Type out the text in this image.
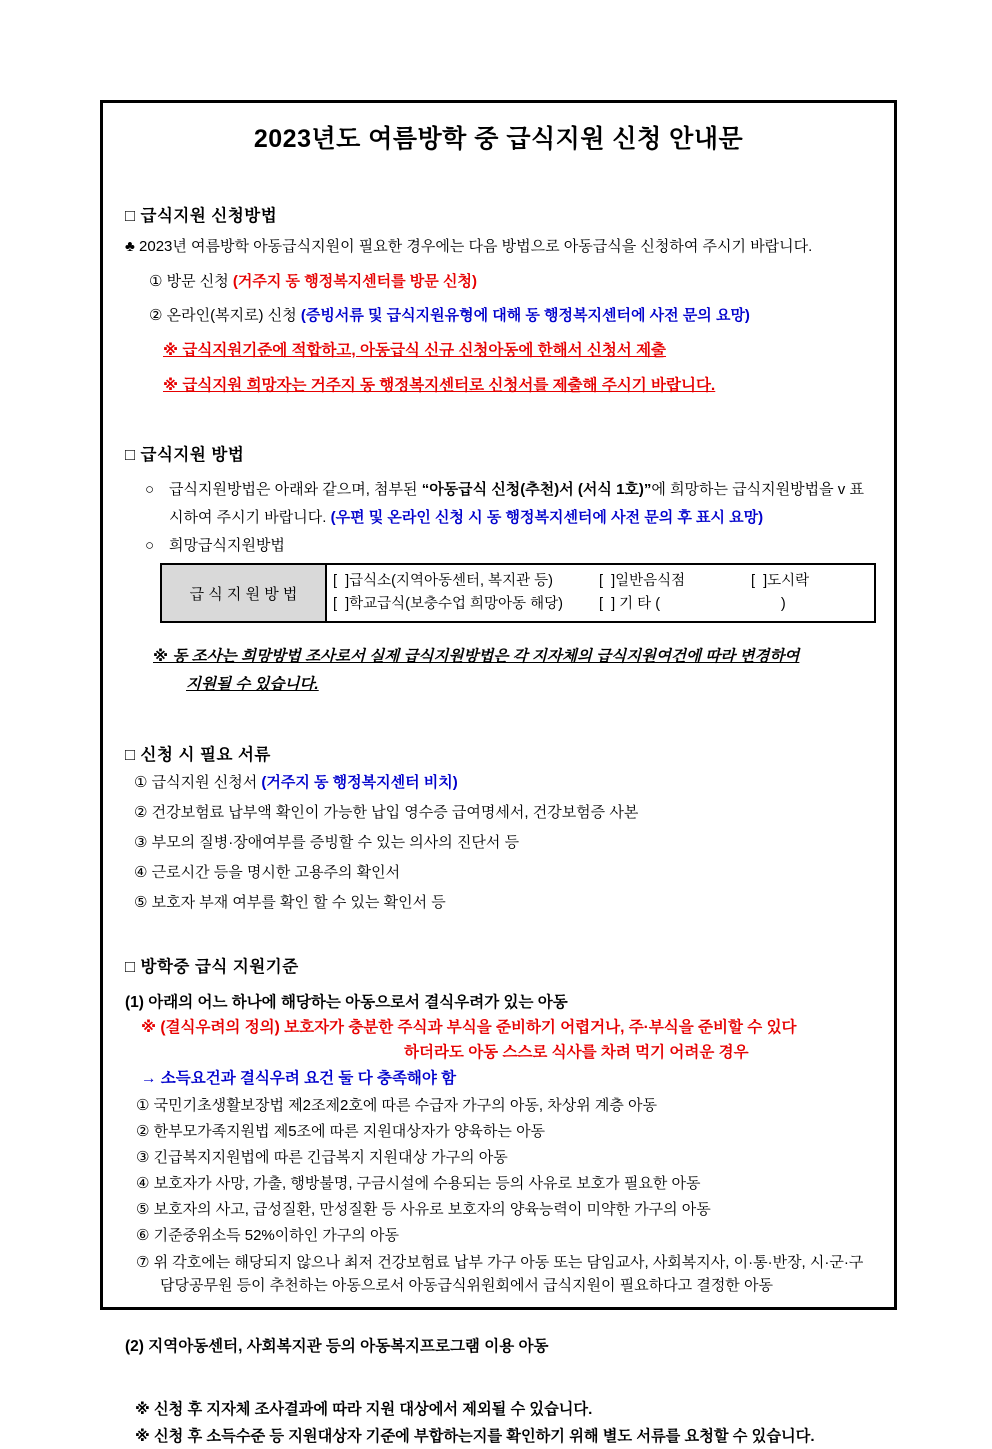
2023년도 여름방학 중 급식지원 신청 안내문
□ 급식지원 신청방법
♣ 2023년 여름방학 아동급식지원이 필요한 경우에는 다음 방법으로 아동급식을 신청하여 주시기 바랍니다.
① 방문 신청 (거주지 동 행정복지센터를 방문 신청)
② 온라인(복지로) 신청 (증빙서류 및 급식지원유형에 대해 동 행정복지센터에 사전 문의 요망)
※ 급식지원기준에 적합하고, 아동급식 신규 신청아동에 한해서 신청서 제출
※ 급식지원 희망자는 거주지 동 행정복지센터로 신청서를 제출해 주시기 바랍니다.
□ 급식지원 방법
○ 급식지원방법은 아래와 같으며, 첨부된 “아동급식 신청(추천)서 (서식 1호)”에 희망하는 급식지원방법을 v 표시하여 주시기 바랍니다. (우편 및 온라인 신청 시 동 행정복지센터에 사전 문의 후 표시 요망)

○ 희망급식지원방법
급 식 지 원 방 법
[  ]급식소(지역아동센터, 복지관 등)	[  ]일반음식점	[  ]도시락
[  ]학교급식(보충수업 희망아동 해당)	[  ] 기 타 (                              )
※ 동 조사는 희망방법 조사로서 실제 급식지원방법은 각 지자체의 급식지원여건에 따라 변경하여
지원될 수 있습니다.
□ 신청 시 필요 서류
① 급식지원 신청서 (거주지 동 행정복지센터 비치)
② 건강보험료 납부액 확인이 가능한 납입 영수증 급여명세서, 건강보험증 사본
③ 부모의 질병·장애여부를 증빙할 수 있는 의사의 진단서 등
④ 근로시간 등을 명시한 고용주의 확인서
⑤ 보호자 부재 여부를 확인 할 수 있는 확인서 등
□ 방학중 급식 지원기준
(1) 아래의 어느 하나에 해당하는 아동으로서 결식우려가 있는 아동
※ (결식우려의 정의) 보호자가 충분한 주식과 부식을 준비하기 어렵거나, 주·부식을 준비할 수 있다
하더라도 아동 스스로 식사를 차려 먹기 어려운 경우
→ 소득요건과 결식우려 요건 둘 다 충족해야 함
① 국민기초생활보장법 제2조제2호에 따른 수급자 가구의 아동, 차상위 계층 아동
② 한부모가족지원법 제5조에 따른 지원대상자가 양육하는 아동
③ 긴급복지지원법에 따른 긴급복지 지원대상 가구의 아동
④ 보호자가 사망, 가출, 행방불명, 구금시설에 수용되는 등의 사유로 보호가 필요한 아동
⑤ 보호자의 사고, 급성질환, 만성질환 등 사유로 보호자의 양육능력이 미약한 가구의 아동
⑥ 기준중위소득 52%이하인 가구의 아동
⑦ 위 각호에는 해당되지 않으나 최저 건강보험료 납부 가구 아동 또는 담임교사, 사회복지사, 이·통·반장, 시·군·구 담당공무원 등이 추천하는 아동으로서 아동급식위원회에서 급식지원이 필요하다고 결정한 아동
(2) 지역아동센터, 사회복지관 등의 아동복지프로그램 이용 아동
※ 신청 후 지자체 조사결과에 따라 지원 대상에서 제외될 수 있습니다.
※ 신청 후 소득수준 등 지원대상자 기준에 부합하는지를 확인하기 위해 별도 서류를 요청할 수 있습니다.
